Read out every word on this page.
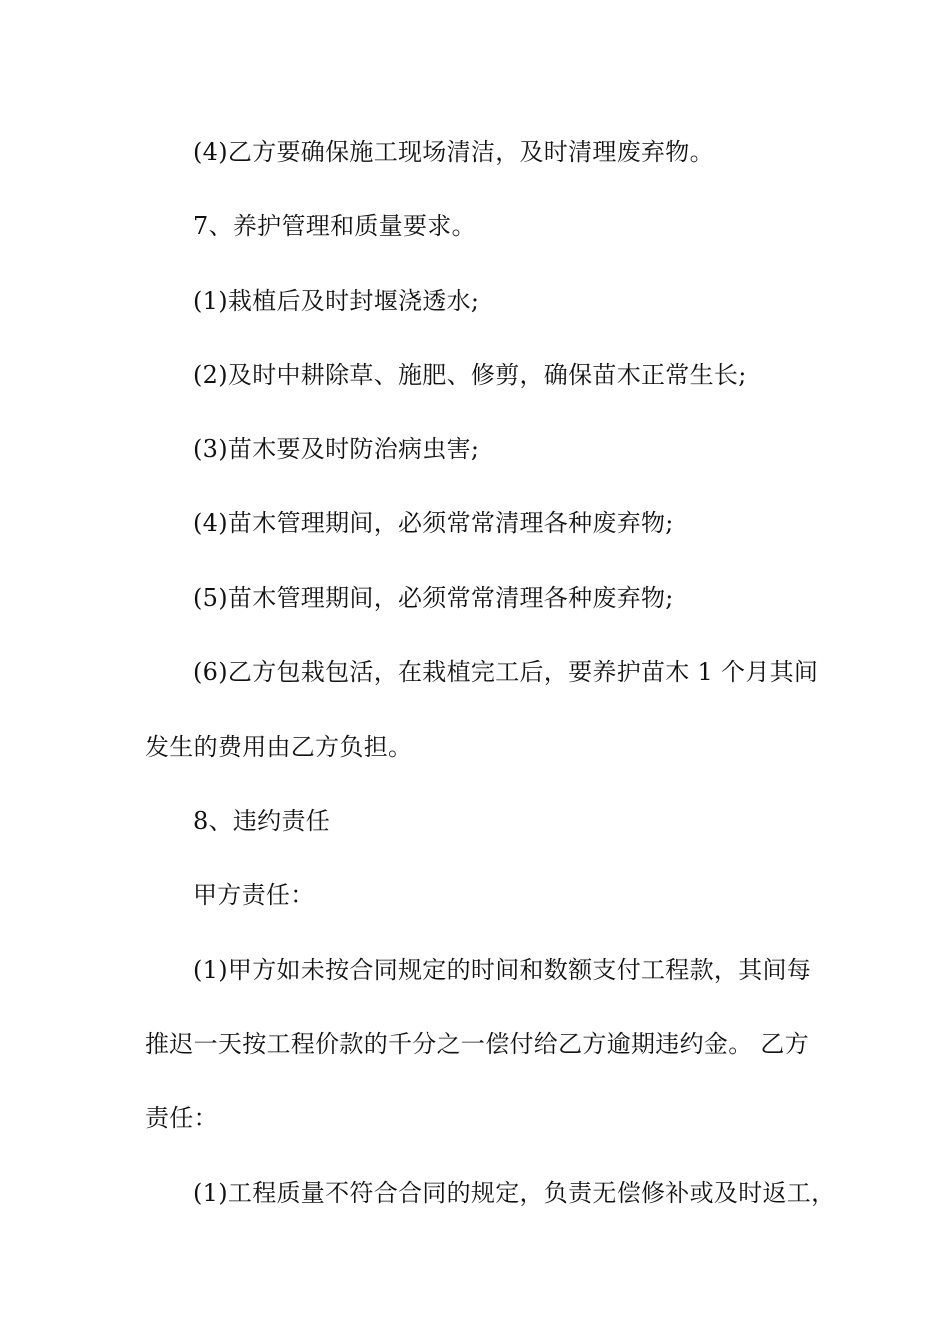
(4)乙方要确保施工现场清洁，及时清理废弃物。
7、养护管理和质量要求。
(1)栽植后及时封堰浇透水;
(2)及时中耕除草、施肥、修剪，确保苗木正常生长;
(3)苗木要及时防治病虫害;
(4)苗木管理期间，必须常常清理各种废弃物;
(5)苗木管理期间，必须常常清理各种废弃物;
(6)乙方包栽包活，在栽植完工后，要养护苗木 1 个月其间
发生的费用由乙方负担。
8、违约责任
甲方责任：
(1)甲方如未按合同规定的时间和数额支付工程款，其间每
推迟一天按工程价款的千分之一偿付给乙方逾期违约金。 乙方
责任：
(1)工程质量不符合合同的规定，负责无偿修补或及时返工，
